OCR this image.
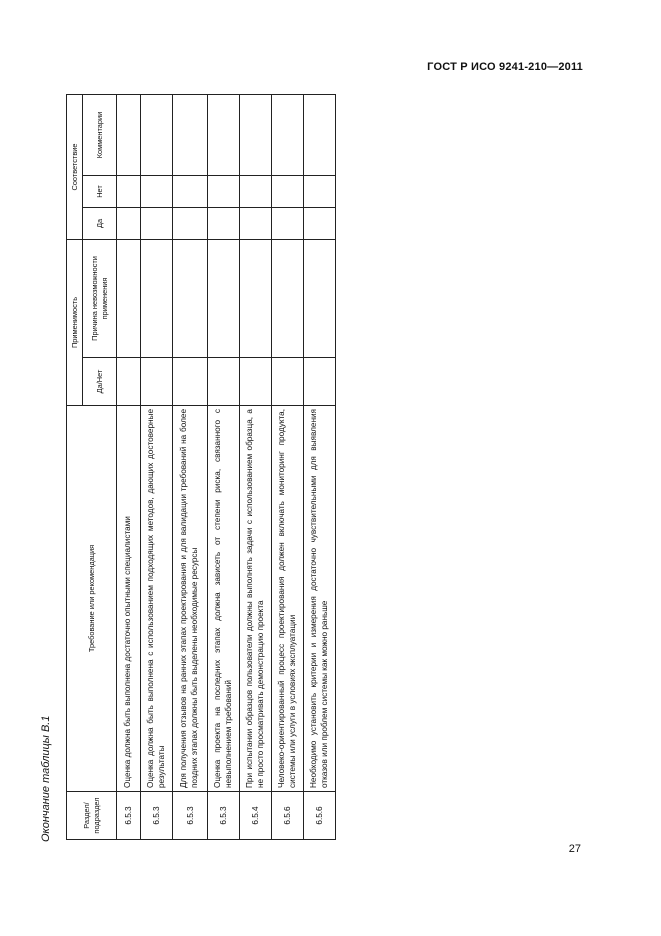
ГОСТ Р ИСО 9241-210—2011
Окончание таблицы В.1	Раздел/ подраздел	Требование или рекомендация	Применимость		Соответствие		
		Да/Нет	Причина невозможности применения	Да	Нет	Комментарии
6.5.3	Оценка должна быть выполнена достаточно опытными специалистами					
6.5.3	Оценка должна быть выполнена с использованием подходящих методов, дающих достоверные результаты					
6.5.3	Для получения отзывов на ранних этапах проектирования и для валидации требований на более поздних этапах должны быть выделены необходимые ресурсы					
6.5.3	Оценка проекта на последних этапах должна зависеть от степени риска, связанного с невыполнением требований					
6.5.4	При испытании образцов пользователи должны выполнять задачи с использованием образца, а не просто просматривать демонстрацию проекта					
6.5.6	Человеко-ориентированный процесс проектирования должен включать мониторинг продукта, системы или услуги в условиях эксплуатации					
6.5.6	Необходимо установить критерии и измерения достаточно чувствительными для выявления отказов или проблем системы как можно раньше					
27
